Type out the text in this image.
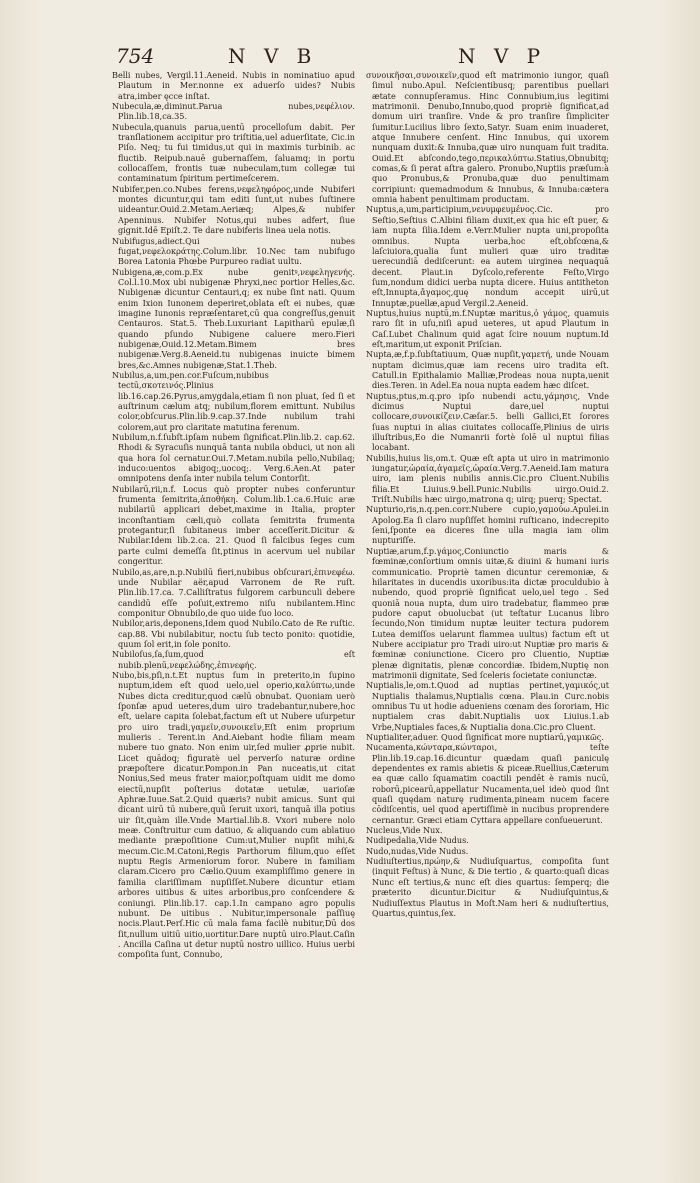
754	N V B	N V P

Belli nubes, Vergil.11.Aeneid. Nubis in nominatiuo apud Plautum in Mer.nonne ex aduerſo uides? Nubis atra,imber ęcce inſtat.

Nubecula,æ,diminut.Parua nubes,νεφέλιον. Plin.lib.18,ca.35.

Nubecula,quanuis parua,uentū procelloſum dabit. Per tranſlationem accipitur pro triſtitia,uel aduerſitate, Cic.in Piſo. Neq; tu fui timidus,ut qui in maximis turbinib. ac fluctib. Reipub.nauē gubernaſſem, ſaluamq; in portu collocaſſem, frontis tuæ nubeculam,tum collegæ tui contaminatum ſpiritum pertimeſcerem.

Nubifer,pen.co.Nubes ferens,νεφεληφόρος,unde Nubiferi montes dicuntur,qui tam editi ſunt,ut nubes ſuſtinere uideantur.Ouid.2.Metam.Aeriæq; Alpes,& nubifer Apenninus. Nubifer Notus,qui nubes adfert, ſiue gignit.Idē Epiſt.2. Te dare nubiferis linea uela notis.

Nubifugus,adiect.Qui nubes fugat,νεφελοκράτης.Colum.libr. 10.Nec tam nubifugo Borea Latonia Phœbe Purpureo radiat uultu.

Nubigena,æ,com.p.Ex nube genitꝰ,νεφεληγενής. Col.l.10.Mox ubi nubigenæ Phryxi,nec portior Helles,&c. Nubigenæ dicuntur Centauri,q; ex nube ſint nati. Quum enim Ixion Iunonem deperiret,oblata eſt ei nubes, quæ imagine Iunonis repræſentaret,cū qua congreſſus,genuit Centauros. Stat.5. Theb.Luxuriant Lapitharū epulæ,ſi quando pſundo Nubigene caluere mero.Fieri nubigenæ,Ouid.12.Metam.Bimem bres nubigenæ.Verg.8.Aeneid.tu nubigenas inuicte bimem bres,&c.Amnes nubigenæ,Stat.1.Theb.

Nubilus,a,um,pen.cor.Fuſcum,nubibus tectū,σκοτεινός.Plinius lib.16.cap.26.Pyrus,amygdala,etiam ſi non pluat, ſed ſi et auſtrinum cælum atq; nubilum,florem emittunt. Nubilus color,obſcurus.Plin.lib.9.cap.37.Inde nubilum trahi colorem,aut pro claritate matutina ferenum.

Nubilum,n.f.ſubſt.ipſam nubem ſignificat.Plin.lib.2. cap.62. Rhodi & Syracuſis nunquā tanta nubila obduci, ut non ali qua hora ſol cernatur.Oui.7.Metam.nubila pello,Nubilaq; induco:uentos abigoq;,uocoq;. Verg.6.Aen.At pater omnipotens denſa inter nubila telum Contorſit.

Nubilarū,rii,n.f. Locus quò propter nubes conferuntur frumenta ſemitrita,ἀποθήκη. Colum.lib.1.ca.6.Huic aræ nubilariū applicari debet,maxime in Italia, propter inconſtantiam cæli,quò collata ſemitrita frumenta protegantur,ſi ſubitaneus imber acceſſerit.Dicitur & Nubilar.Idem lib.2.ca. 21. Quod ſi falcibus ſeges cum parte culmi demeſſa ſit,ptinus in acervum uel nubilar congeritur.

Nubilo,as,are,n.p.Nubilū fieri,nubibus obſcurari,ἐπινεφέω. unde Nubilar aër,apud Varronem de Re ruſt. Plin.lib.17.ca. 7.Calliſtratus fulgorem carbunculi debere candidū eſſe poſuit,extremo niſu nubilantem.Hinc componitur Obnubilo,de quo uide ſuo loco.

Nubilor,aris,deponens,Idem quod Nubilo.Cato de Re ruſtic. cap.88. Vbi nubilabitur, noctu ſub tecto ponito: quotidie, quum ſol erit,in ſole ponito.

Nubiloſus,ſa,ſum,quod eſt nubib.plenū,νεφελώδης,ἐπινεφής.

Nubo,bis,pſi,n.t.Et nuptus ſum in preterito,in ſupino nuptum,idem eſt quod uelo,uel operio,καλύπτω,unde Nubes dicta creditur,quod cælū obnubat. Quoniam uerò ſponſæ apud ueteres,dum uiro tradebantur,nubere,hoc eſt, uelare capita ſolebat,factum eſt ut Nubere uſurpetur pro uiro tradi,γαμεῖν,συνοικεῖν,Eſt enim proprium mulieris . Terent.in And.Aiebant hodie filiam meam nubere tuo gnato. Non enim uir,ſed mulier ꝓprie nubit. Licet quādoq; figuratè uel perverſo naturæ ordine præpoſtere dicatur.Pompon.in Pan nuceatis,ut citat Nonius,Sed meus frater maior,poſtquam uidit me domo eiectū,nupſit poſterius dotatæ uetulæ, uarioſæ Aphræ.Iuue.Sat.2.Quid quæris? nubit amicus. Sunt qui dicant uirū tū nubere,quū ſeruit uxori, tanquā illa potius uir ſit,quàm ille.Vnde Martial.lib.8. Vxori nubere nolo meæ. Conſtruitur cum datiuo, & aliquando cum ablatiuo mediante præpoſitione Cum:ut,Mulier nupſit mihi,& mecum.Cic.M.Catoni,Regis Parthorum filium,quo eſſet nuptu Regis Armeniorum foror. Nubere in familiam claram.Cicero pro Cælio.Quum exampliſſimo genere in familia clariſſimam nupſiſſet.Nubere dicuntur etiam arbores uitibus & uites arboribus,pro conſcendere & coniungi. Plin.lib.17. cap.1.In campano agro populis nubunt. De uitibus . Nubitur,impersonale paſſiuę nocis.Plaut.Perſ.Hic cū mala fama facilè nubitur,Dū dos ſit,nullum uitiū uitio,uortitur.Dare nuptū uiro.Plaut.Caſin . Ancilla Caſina ut detur nuptū nostro uillico. Huius uerbi compoſita ſunt, Connubo,

συνοικῆσαι,συνοικεῖν,quod eſt matrimonio iungor, quaſi ſimul nubo.Apul. Neſcientibusq; parentibus puellari ætate connupſeramus. Hinc Connubium,ius legitimi matrimonii. Denubo,Innubo,quod propriè ſignificat,ad domum uiri tranſire. Vnde & pro tranſire ſimpliciter ſumitur.Lucilius libro ſexto,Satyr. Suam enim inuaderet, atque Innubere cenſent. Hinc Innubus, qui uxorem nunquam duxit:& Innuba,quæ uiro nunquam fuit tradita. Ouid.Et abſcondo,tego,περικαλύπτω.Statius,Obnubitq; comas,& ſi perat aſtra galero. Pronubo,Nuptiis præſum:à quo Pronubus,& Pronuba,quæ duo penultimam corripiunt: quemadmodum & Innubus, & Innuba:cætera omnia habent penultimam productam.

Nuptus,a,um,participium,νενυμφευμένος.Cic. pro Seſtio,Seſtius C.Albini filiam duxit,ex qua hic eſt puer, & iam nupta ſilia.Idem e.Verr.Mulier nupta uni,propoſita omnibus. Nupta uerba,hoc eſt,obſcœna,& laſciuiora,qualia ſunt mulieri quæ uiro traditæ uerecundiā dediſcerunt: ea autem uirginea nequaquā decent. Plaut.in Dyſcolo,referente Feſto,Virgo ſum,nondum didici uerba nupta dicere. Huius antitheton eſt,Innupta,ἄγαμος,quę nondum accepit uirū,ut Innuptæ,puellæ,apud Vergil.2.Aeneid.

Nuptus,huius nuptū,m.f.Nuptæ maritus,ὁ γάμος, quamuis raro ſit in uſu,niſi apud ueteres, ut apud Plautum in Caſ.Lubet Chalinum quid agat ſcire nouum nuptum.Id eſt,maritum,ut exponit Priſcian.

Nupta,æ,f.p.ſubſtatiuum, Quæ nupſit,γαμετή, unde Nouam nuptam dicimus,quæ iam recens uiro tradita eſt. Catull.in Epithalamio Malliæ,Prodeas noua nupta,uenit dies.Teren. in Adel.Ea noua nupta eadem hæc diſcet.

Nuptus,ptus,m.q.pro ipſo nubendi actu,γάμησις, Vnde dicimus Nuptui dare,uel nuptui collocare,συνοικίζειν.Cæſar.5. belli Gallici,Et ſorores ſuas nuptui in alias ciuitates collocaſſe,Plinius de uiris illuſtribus,Eo die Numanrii fortè ſolē ul nuptui filias locabant.

Nubilis,huius lis,om.t. Quæ eſt apta ut uiro in matrimonio iungatur,ὡραία,ἀγαμεῖς,ὡραία.Verg.7.Aeneid.Iam matura uiro, iam plenis nubilis annis.Cic.pro Cluent.Nubilis filia.Et Liuius.9.bell.Punic.Nubilis uirgo.Ouid.2. Triſt.Nubilis hæc uirgo,matrona q; uirq; puerq; Spectat.

Nupturio,ris,n.q.pen.corr.Nubere cupio,γαμούω.Apulei.in Apolog.Ea ſi claro nupſiſſet homini ruſticano, indecrepito ſeni,ſponte ea diceres ſine ulla magia iam olim nupturiſſe.

Nuptiæ,arum,f.p.γάμος,Coniunctio maris & fœminæ,conſortium omnis uitæ,& diuini & humani iuris communicatio. Propriè tamen dicuntur ceremoniæ, & hilaritates in ducendis uxoribus:ita dictæ proculdubio à nubendo, quod propriè ſignificat uelo,uel tego . Sed quoniā noua nupta, dum uiro tradebatur, flammeo præ pudore caput obuolucbat (ut teſtatur Lucanus libro ſecundo,Non timidum nuptæ leuiter tectura pudorem Lutea demiſſos uelarunt flammea uultus) factum eſt ut Nubere accipiatur pro Tradi uiro:ut Nuptiæ pro maris & fœminæ coniunctione. Cicero pro Cluentio, Nuptiæ plenæ dignitatis, plenæ concordiæ. Ibidem,Nuptię non matrimonii dignitate, Sed ſceleris ſocietate coniunctæ.

Nuptialis,le,om.t.Quod ad nuptias pertinet,γαμικός,ut Nuptialis thalamus,Nuptialis cœna. Plau.in Curc.nobis omnibus Tu ut hodie adueniens cœnam des ſororiam, Hic nuptialem cras dabit.Nuptialis uox Liuius.1.ab Vrbe,Nuptiales faces,& Nuptialia dona.Cic.pro Cluent.

Nuptialiter,aduer. Quod ſignificat more nuptiarū,γαμικῶς.

Nucamenta,κώνταρα,κώνταροι, teſte Plin.lib.19.cap.16.dicuntur quædam quaſi paniculę dependentes ex ramis abietis & piceæ.Ruellius,Cæterum ea quæ callo ſquamatim coactili pendēt è ramis nucū, roborū,picearū,appellatur Nucamenta,uel ideò quod ſint quaſi quędam naturę rudimenta,pineam nucem facere cōdiſcentis, uel quod apertiſſimè in nucibus proprendere cernantur. Græci etiam Cyttara appellare conſueuerunt.

Nucleus,Vide Nux.

Nudipedalia,Vide Nudus.

Nudo,nudas,Vide Nudus.

Nudiuſtertius,πρώην,& Nudiuſquartus, compoſita ſunt (inquit Feſtus) à Nunc, & Die tertio , & quarto:quaſi dicas Nunc eſt tertius,& nunc eſt dies quartus: ſemperq; die præterito dicuntur.Dicitur & Nudiuſquintus,& Nudiuſſextus Plautus in Moſt.Nam heri & nudiuſtertius, Quartus,quintus,ſex.
